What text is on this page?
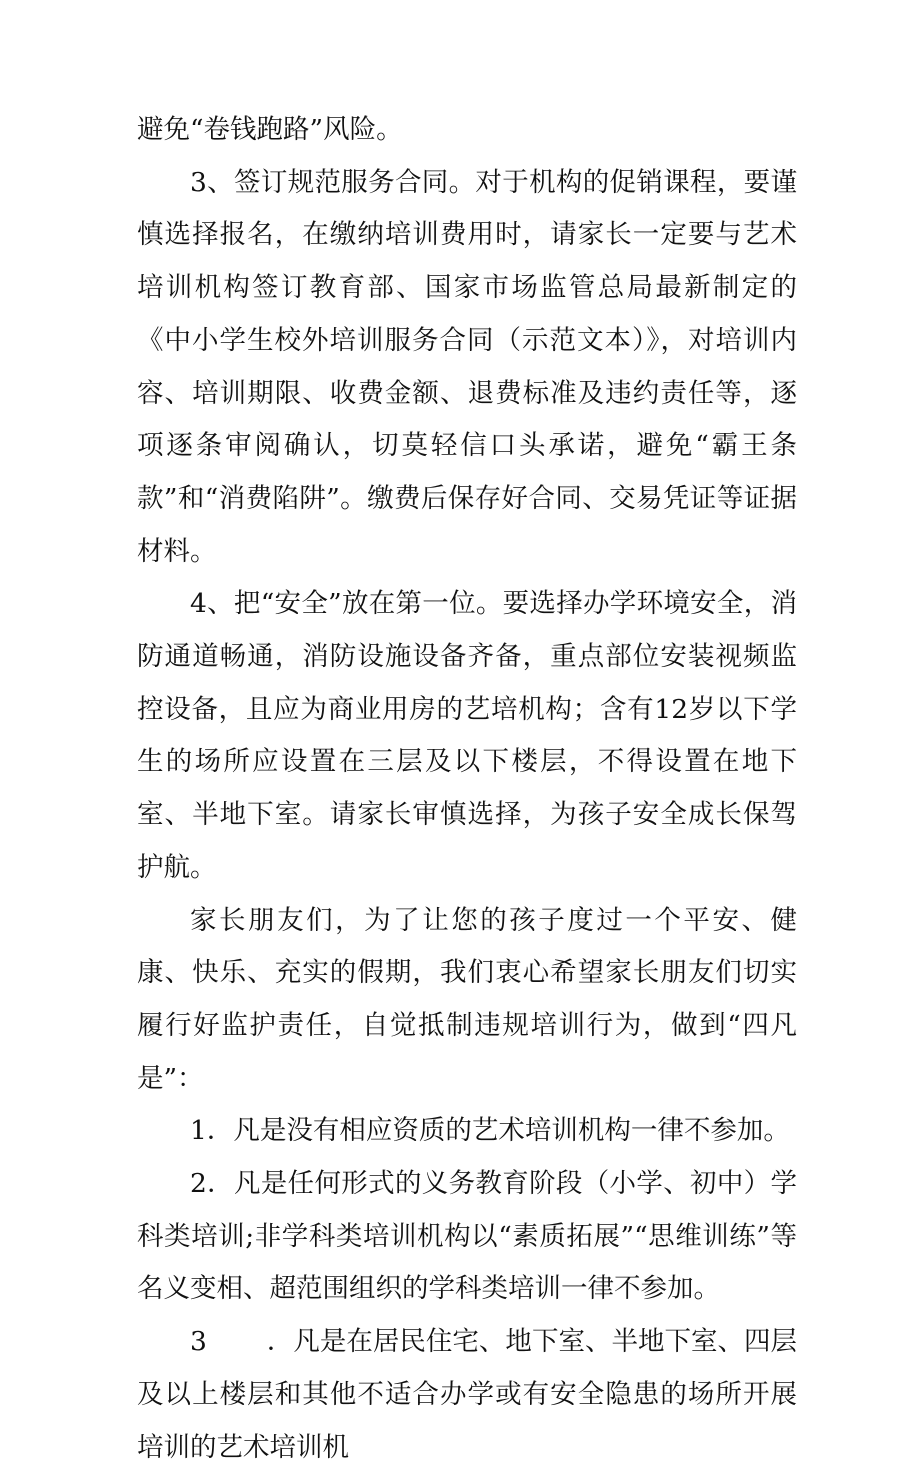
避免“卷钱跑路”风险。

3、签订规范服务合同。对于机构的促销课程，要谨慎选择报名，在缴纳培训费用时，请家长一定要与艺术培训机构签订教育部、国家市场监管总局最新制定的《中小学生校外培训服务合同（示范文本）》，对培训内容、培训期限、收费金额、退费标准及违约责任等，逐项逐条审阅确认，切莫轻信口头承诺，避免“霸王条款”和“消费陷阱”。缴费后保存好合同、交易凭证等证据材料。

4、把“安全”放在第一位。要选择办学环境安全，消防通道畅通，消防设施设备齐备，重点部位安装视频监控设备，且应为商业用房的艺培机构；含有12岁以下学生的场所应设置在三层及以下楼层，不得设置在地下室、半地下室。请家长审慎选择，为孩子安全成长保驾护航。

家长朋友们，为了让您的孩子度过一个平安、健康、快乐、充实的假期，我们衷心希望家长朋友们切实履行好监护责任，自觉抵制违规培训行为，做到“四凡是”：

1．凡是没有相应资质的艺术培训机构一律不参加。

2．凡是任何形式的义务教育阶段（小学、初中）学科类培训;非学科类培训机构以“素质拓展”“思维训练”等名义变相、超范围组织的学科类培训一律不参加。

3 ．凡是在居民住宅、地下室、半地下室、四层及以上楼层和其他不适合办学或有安全隐患的场所开展培训的艺术培训机
